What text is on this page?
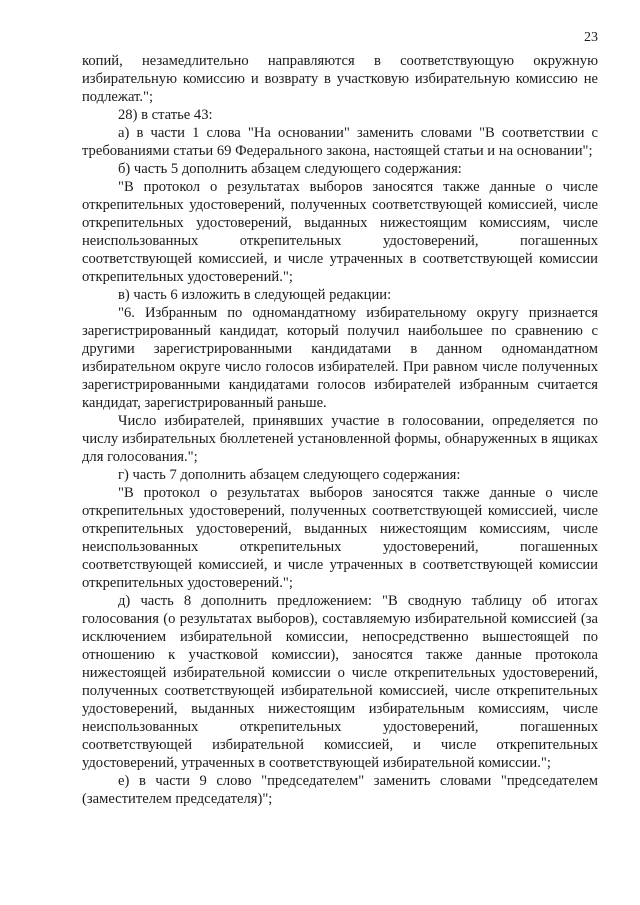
23

копий, незамедлительно направляются в соответствующую окружную избирательную комиссию и возврату в участковую избирательную комиссию не подлежат.";

28) в статье 43:

а) в части 1 слова "На основании" заменить словами "В соответствии с требованиями статьи 69 Федерального закона, настоящей статьи и на основании";

б) часть 5 дополнить абзацем следующего содержания:

"В протокол о результатах выборов заносятся также данные о числе открепительных удостоверений, полученных соответствующей комиссией, числе открепительных удостоверений, выданных нижестоящим комиссиям, числе неиспользованных открепительных удостоверений, погашенных соответствующей комиссией, и числе утраченных в соответствующей комиссии открепительных удостоверений.";

в) часть 6 изложить в следующей редакции:

"6. Избранным по одномандатному избирательному округу признается зарегистрированный кандидат, который получил наибольшее по сравнению с другими зарегистрированными кандидатами в данном одномандатном избирательном округе число голосов избирателей. При равном числе полученных зарегистрированными кандидатами голосов избирателей избранным считается кандидат, зарегистрированный раньше.

Число избирателей, принявших участие в голосовании, определяется по числу избирательных бюллетеней установленной формы, обнаруженных в ящиках для голосования.";

г) часть 7 дополнить абзацем следующего содержания:

"В протокол о результатах выборов заносятся также данные о числе открепительных удостоверений, полученных соответствующей комиссией, числе открепительных удостоверений, выданных нижестоящим комиссиям, числе неиспользованных открепительных удостоверений, погашенных соответствующей комиссией, и числе утраченных в соответствующей комиссии открепительных удостоверений.";

д) часть 8 дополнить предложением: "В сводную таблицу об итогах голосования (о результатах выборов), составляемую избирательной комиссией (за исключением избирательной комиссии, непосредственно вышестоящей по отношению к участковой комиссии), заносятся также данные протокола нижестоящей избирательной комиссии о числе открепительных удостоверений, полученных соответствующей избирательной комиссией, числе открепительных удостоверений, выданных нижестоящим избирательным комиссиям, числе неиспользованных открепительных удостоверений, погашенных соответствующей избирательной комиссией, и числе открепительных удостоверений, утраченных в соответствующей избирательной комиссии.";

е) в части 9 слово "председателем" заменить словами "председателем (заместителем председателя)";
